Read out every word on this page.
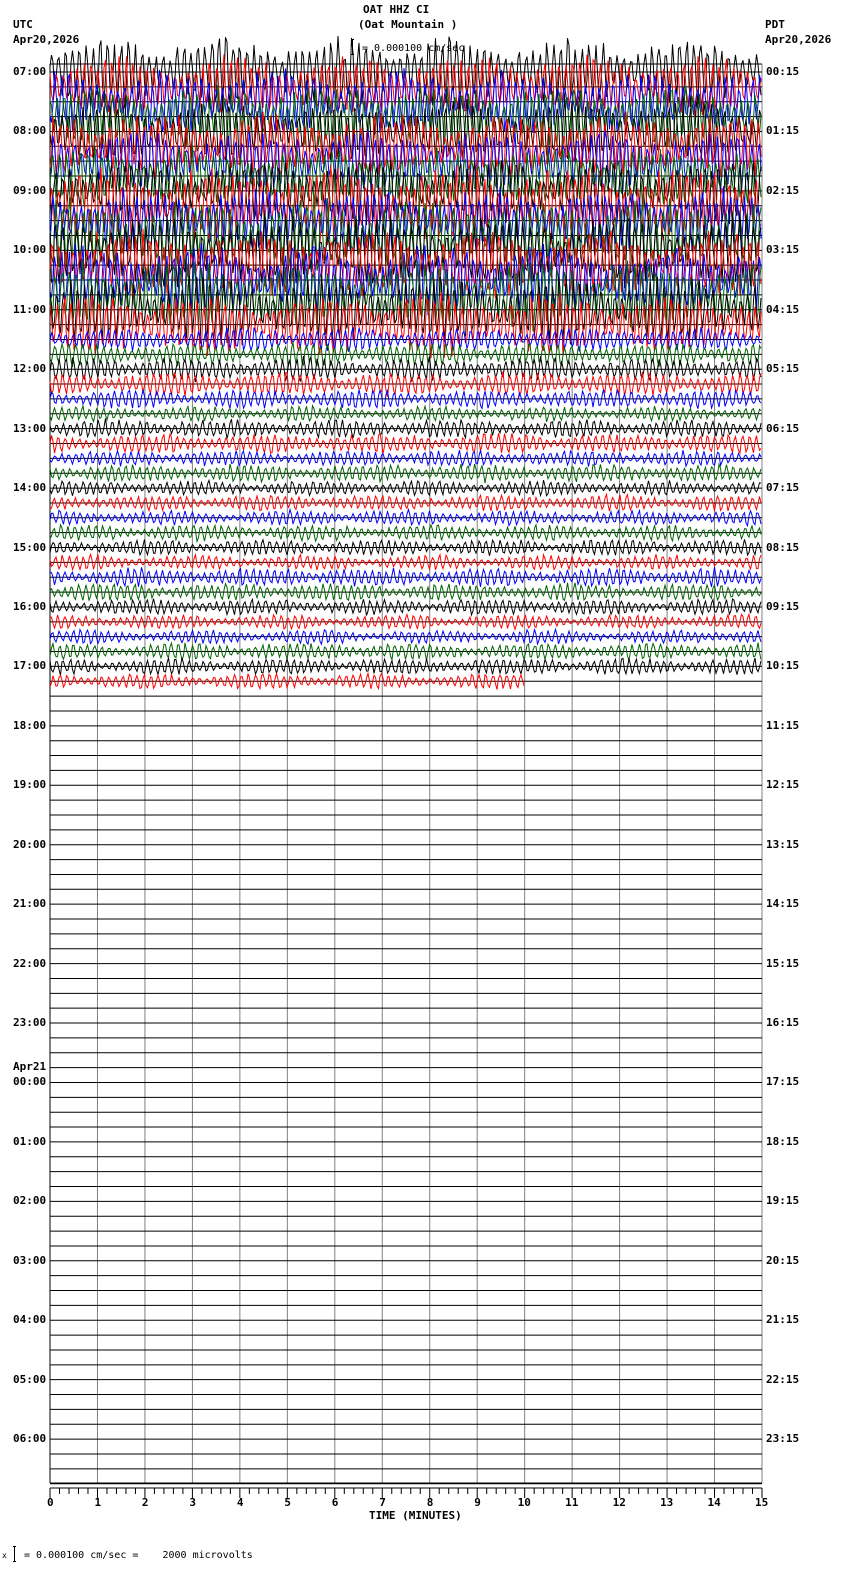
OAT HHZ CI
(Oat Mountain )
UTC
Apr20,2026
PDT
Apr20,2026
= 0.000100 cm/sec
07:00
08:00
09:00
10:00
11:00
12:00
13:00
14:00
15:00
16:00
17:00
18:00
19:00
20:00
21:00
22:00
23:00
00:00
Apr21
01:00
02:00
03:00
04:00
05:00
06:00
00:15
01:15
02:15
03:15
04:15
05:15
06:15
07:15
08:15
09:15
10:15
11:15
12:15
13:15
14:15
15:15
16:15
17:15
18:15
19:15
20:15
21:15
22:15
23:15
0	1	2	3	4	5	6	7	8	9	10	11	12	13	14	15
TIME (MINUTES)
x = 0.000100 cm/sec =    2000 microvolts
